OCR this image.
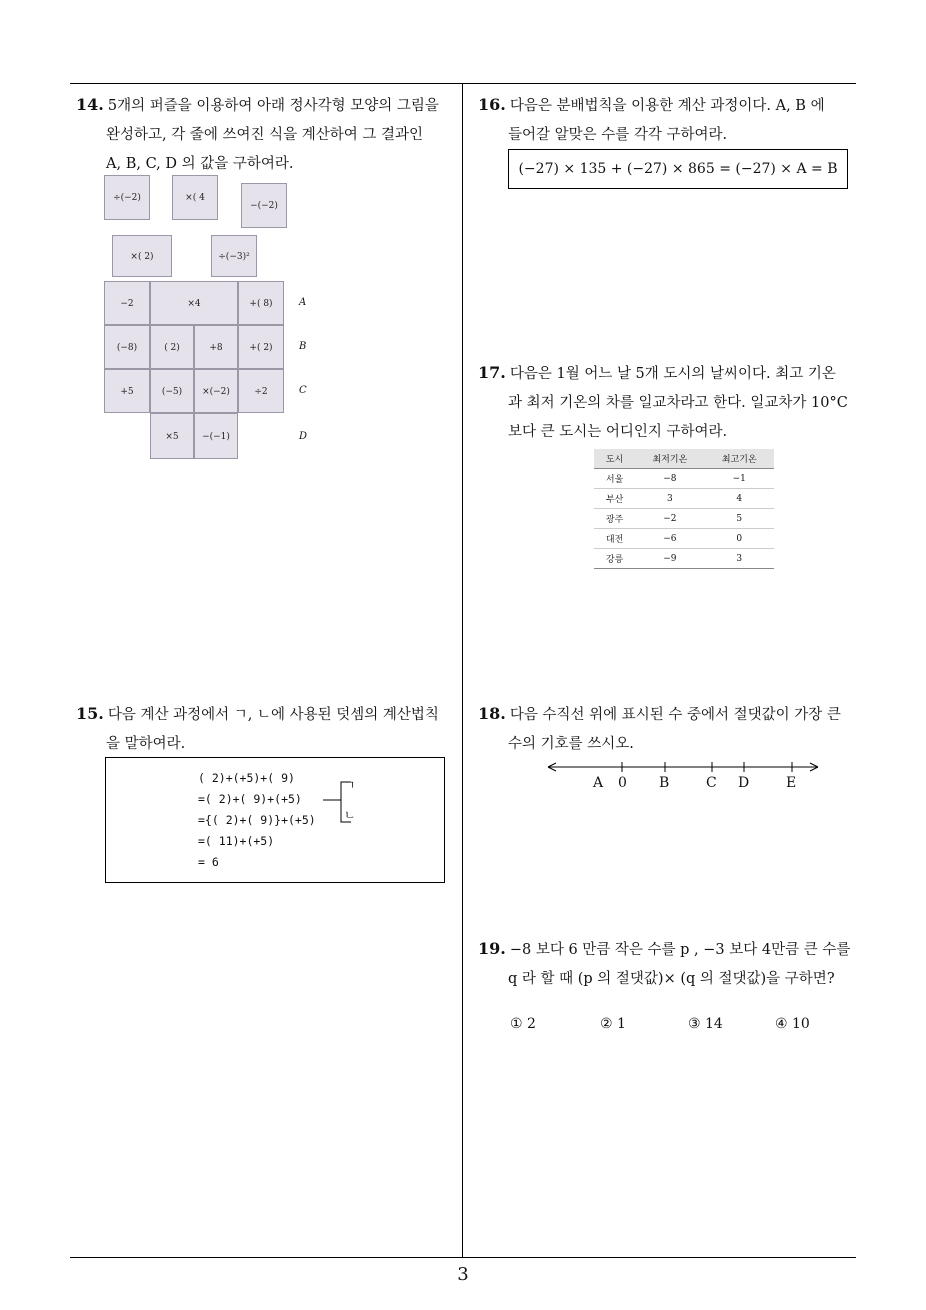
14. 5개의 퍼즐을 이용하여 아래 정사각형 모양의 그림을

완성하고, 각 줄에 쓰여진 식을 계산하여 그 결과인

A, B, C, D 의 값을 구하여라.

÷(−2)	×( 4
−(−2)
×( 2)	÷(−3)²
−2	×4	+( 8)
(−8)	( 2)	+8	+( 2)
+5	(−5)	×(−2)	÷2
×5	−(−1)
A
B
C
D

15. 다음 계산 과정에서 ㄱ, ㄴ에 사용된 덧셈의 계산법칙

을 말하여라.

( 2)+(+5)+( 9)
=( 2)+( 9)+(+5)
={( 2)+( 9)}+(+5)
=( 11)+(+5)
= 6
ㄱ
ㄴ

16. 다음은 분배법칙을 이용한 계산 과정이다. A, B 에

들어갈 알맞은 수를 각각 구하여라.

(−27) × 135 + (−27) × 865 = (−27) × A = B

17. 다음은 1월 어느 날 5개 도시의 날씨이다. 최고 기온

과 최저 기온의 차를 일교차라고 한다. 일교차가 10°C

보다 큰 도시는 어디인지 구하여라.

도시	최저기온	최고기온
서울	−8	−1
부산	3	4
광주	−2	5
대전	−6	0
강릉	−9	3

18. 다음 수직선 위에 표시된 수 중에서 절댓값이 가장 큰

수의 기호를 쓰시오.

A 0 B	C D	E

19. −8 보다 6 만큼 작은 수를 p , −3 보다 4만큼 큰 수를

q 라 할 때 (p 의 절댓값)× (q 의 절댓값)을 구하면?

① 2	② 1	③ 14	④ 10
3
